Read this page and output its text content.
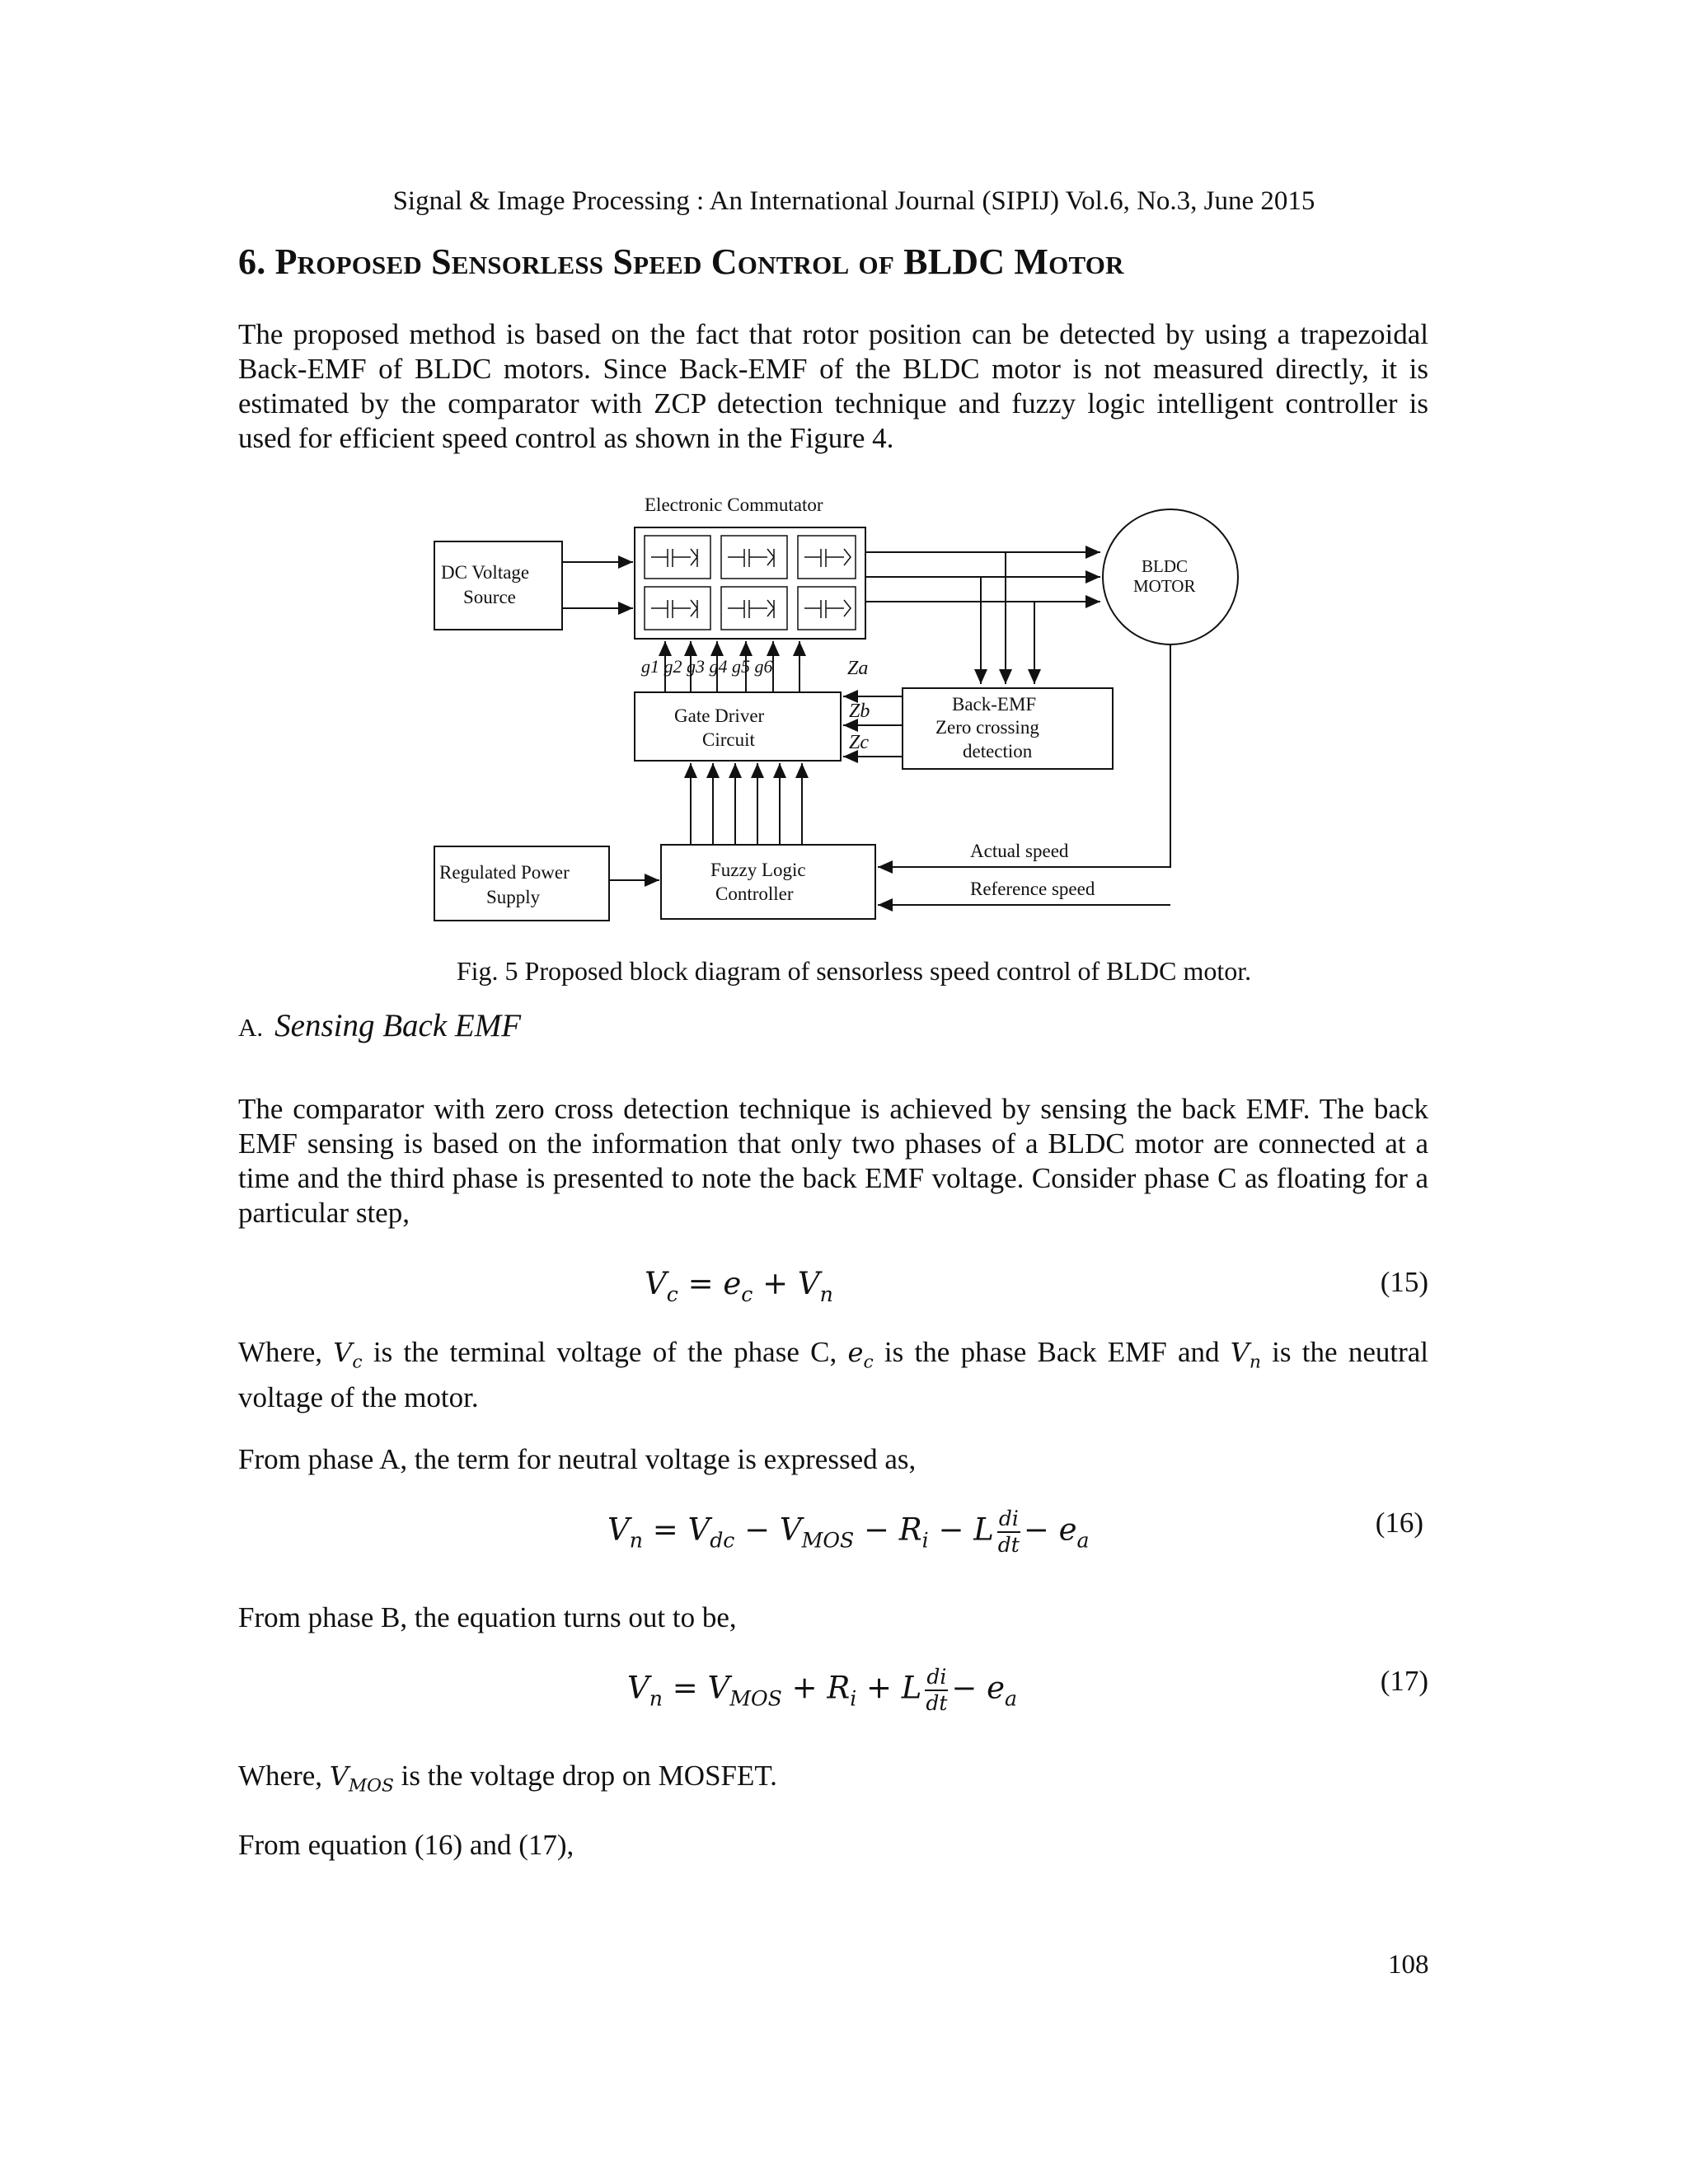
Signal & Image Processing : An International Journal (SIPIJ) Vol.6, No.3, June 2015
6. Proposed Sensorless Speed Control of BLDC Motor
The proposed method is based on the fact that rotor position can be detected by using a trapezoidal Back-EMF of BLDC motors. Since Back-EMF of the BLDC motor is not measured directly, it is estimated by the comparator with ZCP detection technique and fuzzy logic intelligent controller is used for efficient speed control as shown in the Figure 4.
Electronic Commutator
DC Voltage
Source
BLDC
MOTOR
g1 g2 g3 g4 g5 g6	Za
Zb
Zc
Gate Driver
Circuit
Back-EMF
Zero crossing
detection
Regulated Power
Supply
Fuzzy Logic
Controller
Actual speed
Reference speed
Fig. 5 Proposed block diagram of sensorless speed control of BLDC motor.
A. Sensing Back EMF
The comparator with zero cross detection technique is achieved by sensing the back EMF. The back EMF sensing is based on the information that only two phases of a BLDC motor are connected at a time and the third phase is presented to note the back EMF voltage. Consider phase C as floating for a particular step,
$V_c = e_c + V_n$	(15)
Where, $V_c$ is the terminal voltage of the phase C, $e_c$ is the phase Back EMF and $V_n$ is the neutral voltage of the motor.
From phase A, the term for neutral voltage is expressed as,
$V_n = V_{dc} - V_{MOS} - R_i - L \frac{di}{dt} - e_a$
(16)
From phase B, the equation turns out to be,
$V_n = V_{MOS} + R_i + L \frac{di}{dt} - e_a$
(17)
Where, $V_{MOS}$ is the voltage drop on MOSFET.
From equation (16) and (17),
108
